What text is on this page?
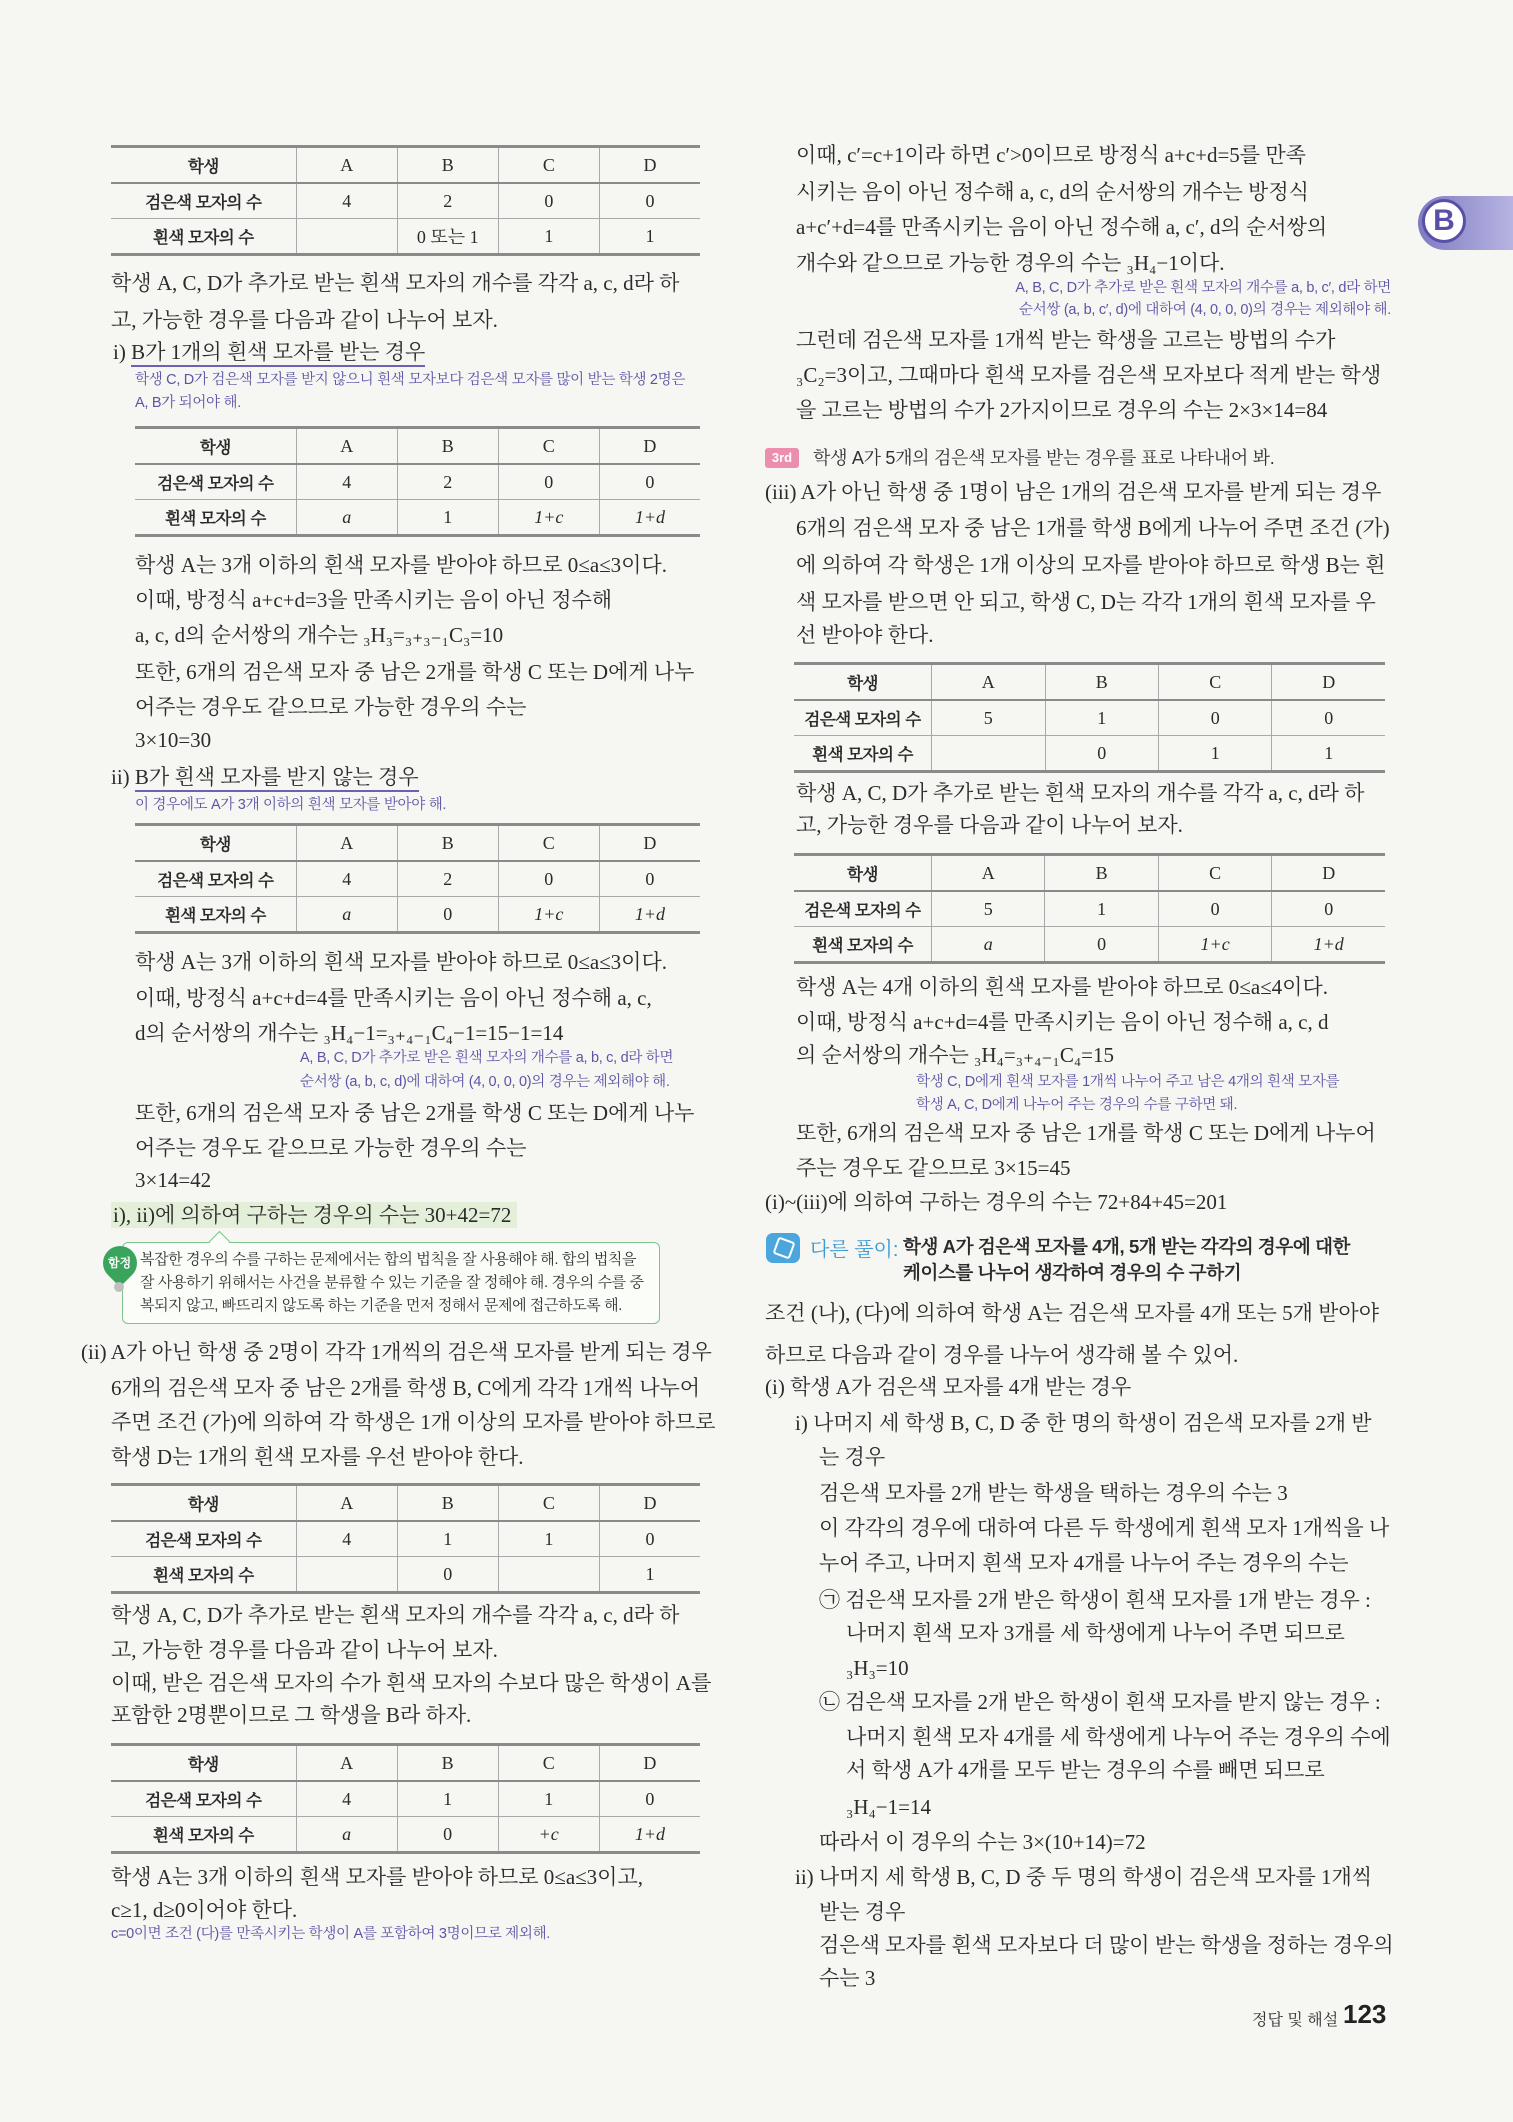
B
학생	A	B	C	D
검은색 모자의 수	4	2	0	0
흰색 모자의 수		0 또는 1	1	1
학생 A, C, D가 추가로 받는 흰색 모자의 개수를 각각 a, c, d라 하
고, 가능한 경우를 다음과 같이 나누어 보자.
i) B가 1개의 흰색 모자를 받는 경우
학생 C, D가 검은색 모자를 받지 않으니 흰색 모자보다 검은색 모자를 많이 받는 학생 2명은
A, B가 되어야 해.
학생	A	B	C	D
검은색 모자의 수	4	2	0	0
흰색 모자의 수	a	1	1+c	1+d
학생 A는 3개 이하의 흰색 모자를 받아야 하므로 0≤a≤3이다.
이때, 방정식 a+c+d=3을 만족시키는 음이 아닌 정수해
a, c, d의 순서쌍의 개수는 ₃H₃=₃₊₃₋₁C₃=10
또한, 6개의 검은색 모자 중 남은 2개를 학생 C 또는 D에게 나누
어주는 경우도 같으므로 가능한 경우의 수는
3×10=30
ii) B가 흰색 모자를 받지 않는 경우
이 경우에도 A가 3개 이하의 흰색 모자를 받아야 해.
학생	A	B	C	D
검은색 모자의 수	4	2	0	0
흰색 모자의 수	a	0	1+c	1+d
학생 A는 3개 이하의 흰색 모자를 받아야 하므로 0≤a≤3이다.
이때, 방정식 a+c+d=4를 만족시키는 음이 아닌 정수해 a, c,
d의 순서쌍의 개수는 ₃H₄−1=₃₊₄₋₁C₄−1=15−1=14
A, B, C, D가 추가로 받은 흰색 모자의 개수를 a, b, c, d라 하면
순서쌍 (a, b, c, d)에 대하여 (4, 0, 0, 0)의 경우는 제외해야 해.
또한, 6개의 검은색 모자 중 남은 2개를 학생 C 또는 D에게 나누
어주는 경우도 같으므로 가능한 경우의 수는
3×14=42
i), ii)에 의하여 구하는 경우의 수는 30+42=72
함정 복잡한 경우의 수를 구하는 문제에서는 합의 법칙을 잘 사용해야 해. 합의 법칙을
잘 사용하기 위해서는 사건을 분류할 수 있는 기준을 잘 정해야 해. 경우의 수를 중
복되지 않고, 빠뜨리지 않도록 하는 기준을 먼저 정해서 문제에 접근하도록 해.
(ii) A가 아닌 학생 중 2명이 각각 1개씩의 검은색 모자를 받게 되는 경우
6개의 검은색 모자 중 남은 2개를 학생 B, C에게 각각 1개씩 나누어
주면 조건 (가)에 의하여 각 학생은 1개 이상의 모자를 받아야 하므로
학생 D는 1개의 흰색 모자를 우선 받아야 한다.
학생	A	B	C	D
검은색 모자의 수	4	1	1	0
흰색 모자의 수		0		1
학생 A, C, D가 추가로 받는 흰색 모자의 개수를 각각 a, c, d라 하
고, 가능한 경우를 다음과 같이 나누어 보자.
이때, 받은 검은색 모자의 수가 흰색 모자의 수보다 많은 학생이 A를
포함한 2명뿐이므로 그 학생을 B라 하자.
학생	A	B	C	D
검은색 모자의 수	4	1	1	0
흰색 모자의 수	a	0	+c	1+d
학생 A는 3개 이하의 흰색 모자를 받아야 하므로 0≤a≤3이고,
c≥1, d≥0이어야 한다.
c=0이면 조건 (다)를 만족시키는 학생이 A를 포함하여 3명이므로 제외해.
이때, c′=c+1이라 하면 c′>0이므로 방정식 a+c+d=5를 만족
시키는 음이 아닌 정수해 a, c, d의 순서쌍의 개수는 방정식
a+c′+d=4를 만족시키는 음이 아닌 정수해 a, c′, d의 순서쌍의
개수와 같으므로 가능한 경우의 수는 ₃H₄−1이다.
A, B, C, D가 추가로 받은 흰색 모자의 개수를 a, b, c′, d라 하면
순서쌍 (a, b, c′, d)에 대하여 (4, 0, 0, 0)의 경우는 제외해야 해.
그런데 검은색 모자를 1개씩 받는 학생을 고르는 방법의 수가
₃C₂=3이고, 그때마다 흰색 모자를 검은색 모자보다 적게 받는 학생
을 고르는 방법의 수가 2가지이므로 경우의 수는 2×3×14=84
3rd	학생 A가 5개의 검은색 모자를 받는 경우를 표로 나타내어 봐.
(iii) A가 아닌 학생 중 1명이 남은 1개의 검은색 모자를 받게 되는 경우
6개의 검은색 모자 중 남은 1개를 학생 B에게 나누어 주면 조건 (가)
에 의하여 각 학생은 1개 이상의 모자를 받아야 하므로 학생 B는 흰
색 모자를 받으면 안 되고, 학생 C, D는 각각 1개의 흰색 모자를 우
선 받아야 한다.
학생	A	B	C	D
검은색 모자의 수	5	1	0	0
흰색 모자의 수		0	1	1
학생 A, C, D가 추가로 받는 흰색 모자의 개수를 각각 a, c, d라 하
고, 가능한 경우를 다음과 같이 나누어 보자.
학생	A	B	C	D
검은색 모자의 수	5	1	0	0
흰색 모자의 수	a	0	1+c	1+d
학생 A는 4개 이하의 흰색 모자를 받아야 하므로 0≤a≤4이다.
이때, 방정식 a+c+d=4를 만족시키는 음이 아닌 정수해 a, c, d
의 순서쌍의 개수는 ₃H₄=₃₊₄₋₁C₄=15
학생 C, D에게 흰색 모자를 1개씩 나누어 주고 남은 4개의 흰색 모자를
학생 A, C, D에게 나누어 주는 경우의 수를 구하면 돼.
또한, 6개의 검은색 모자 중 남은 1개를 학생 C 또는 D에게 나누어
주는 경우도 같으므로 3×15=45
(i)~(iii)에 의하여 구하는 경우의 수는 72+84+45=201
다른 풀이: 학생 A가 검은색 모자를 4개, 5개 받는 각각의 경우에 대한
케이스를 나누어 생각하여 경우의 수 구하기
조건 (나), (다)에 의하여 학생 A는 검은색 모자를 4개 또는 5개 받아야
하므로 다음과 같이 경우를 나누어 생각해 볼 수 있어.
(i) 학생 A가 검은색 모자를 4개 받는 경우
i) 나머지 세 학생 B, C, D 중 한 명의 학생이 검은색 모자를 2개 받
는 경우
검은색 모자를 2개 받는 학생을 택하는 경우의 수는 3
이 각각의 경우에 대하여 다른 두 학생에게 흰색 모자 1개씩을 나
누어 주고, 나머지 흰색 모자 4개를 나누어 주는 경우의 수는
㉠ 검은색 모자를 2개 받은 학생이 흰색 모자를 1개 받는 경우 :
나머지 흰색 모자 3개를 세 학생에게 나누어 주면 되므로
₃H₃=10
㉡ 검은색 모자를 2개 받은 학생이 흰색 모자를 받지 않는 경우 :
나머지 흰색 모자 4개를 세 학생에게 나누어 주는 경우의 수에
서 학생 A가 4개를 모두 받는 경우의 수를 빼면 되므로
₃H₄−1=14
따라서 이 경우의 수는 3×(10+14)=72
ii) 나머지 세 학생 B, C, D 중 두 명의 학생이 검은색 모자를 1개씩
받는 경우
검은색 모자를 흰색 모자보다 더 많이 받는 학생을 정하는 경우의
수는 3
정답 및 해설 123
